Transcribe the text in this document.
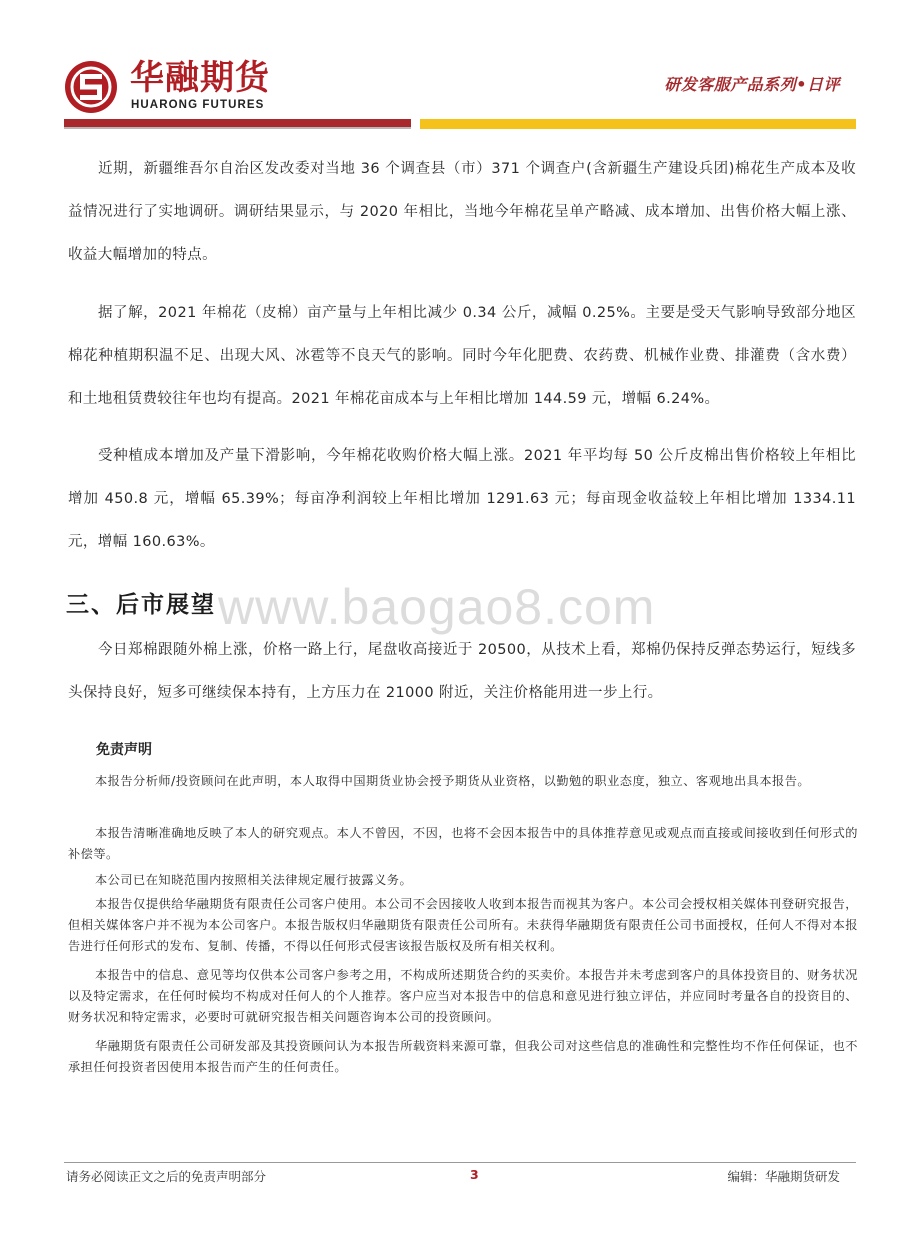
华融期货
HUARONG FUTURES
研发客服产品系列•日评

近期，新疆维吾尔自治区发改委对当地 36 个调查县（市）371 个调查户(含新疆生产建设兵团)棉花生产成本及收益情况进行了实地调研。调研结果显示，与 2020 年相比，当地今年棉花呈单产略减、成本增加、出售价格大幅上涨、收益大幅增加的特点。

据了解，2021 年棉花（皮棉）亩产量与上年相比减少 0.34 公斤，减幅 0.25%。主要是受天气影响导致部分地区棉花种植期积温不足、出现大风、冰雹等不良天气的影响。同时今年化肥费、农药费、机械作业费、排灌费（含水费）和土地租赁费较往年也均有提高。2021 年棉花亩成本与上年相比增加 144.59 元，增幅 6.24%。

受种植成本增加及产量下滑影响，今年棉花收购价格大幅上涨。2021 年平均每 50 公斤皮棉出售价格较上年相比增加 450.8 元，增幅 65.39%；每亩净利润较上年相比增加 1291.63 元；每亩现金收益较上年相比增加 1334.11 元，增幅 160.63%。

www.baogao8.com
三、后市展望

今日郑棉跟随外棉上涨，价格一路上行，尾盘收高接近于 20500，从技术上看，郑棉仍保持反弹态势运行，短线多头保持良好，短多可继续保本持有，上方压力在 21000 附近，关注价格能用进一步上行。

免责声明

本报告分析师/投资顾问在此声明，本人取得中国期货业协会授予期货从业资格，以勤勉的职业态度，独立、客观地出具本报告。

本报告清晰准确地反映了本人的研究观点。本人不曾因，不因，也将不会因本报告中的具体推荐意见或观点而直接或间接收到任何形式的补偿等。

本公司已在知晓范围内按照相关法律规定履行披露义务。

本报告仅提供给华融期货有限责任公司客户使用。本公司不会因接收人收到本报告而视其为客户。本公司会授权相关媒体刊登研究报告，但相关媒体客户并不视为本公司客户。本报告版权归华融期货有限责任公司所有。未获得华融期货有限责任公司书面授权，任何人不得对本报告进行任何形式的发布、复制、传播，不得以任何形式侵害该报告版权及所有相关权利。

本报告中的信息、意见等均仅供本公司客户参考之用，不构成所述期货合约的买卖价。本报告并未考虑到客户的具体投资目的、财务状况以及特定需求，在任何时候均不构成对任何人的个人推荐。客户应当对本报告中的信息和意见进行独立评估，并应同时考量各自的投资目的、财务状况和特定需求，必要时可就研究报告相关问题咨询本公司的投资顾问。

华融期货有限责任公司研发部及其投资顾问认为本报告所载资料来源可靠，但我公司对这些信息的准确性和完整性均不作任何保证，也不承担任何投资者因使用本报告而产生的任何责任。

请务必阅读正文之后的免责声明部分	3	编辑：华融期货研发
